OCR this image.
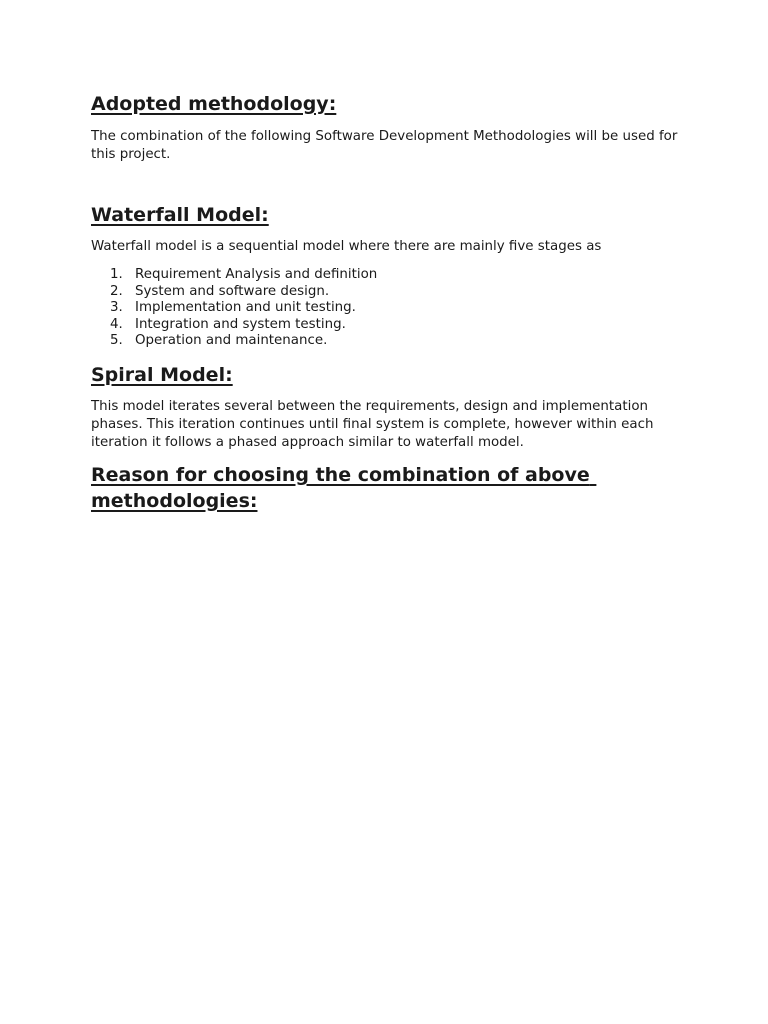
Adopted methodology:

The combination of the following Software Development Methodologies will be used for this project.

Waterfall Model:

Waterfall model is a sequential model where there are mainly five stages as

1. Requirement Analysis and definition
2. System and software design.
3. Implementation and unit testing.
4. Integration and system testing.
5. Operation and maintenance.
Spiral Model:

This model iterates several between the requirements, design and implementation phases. This iteration continues until final system is complete, however within each iteration it follows a phased approach similar to waterfall model.

Reason for choosing the combination of above methodologies:
